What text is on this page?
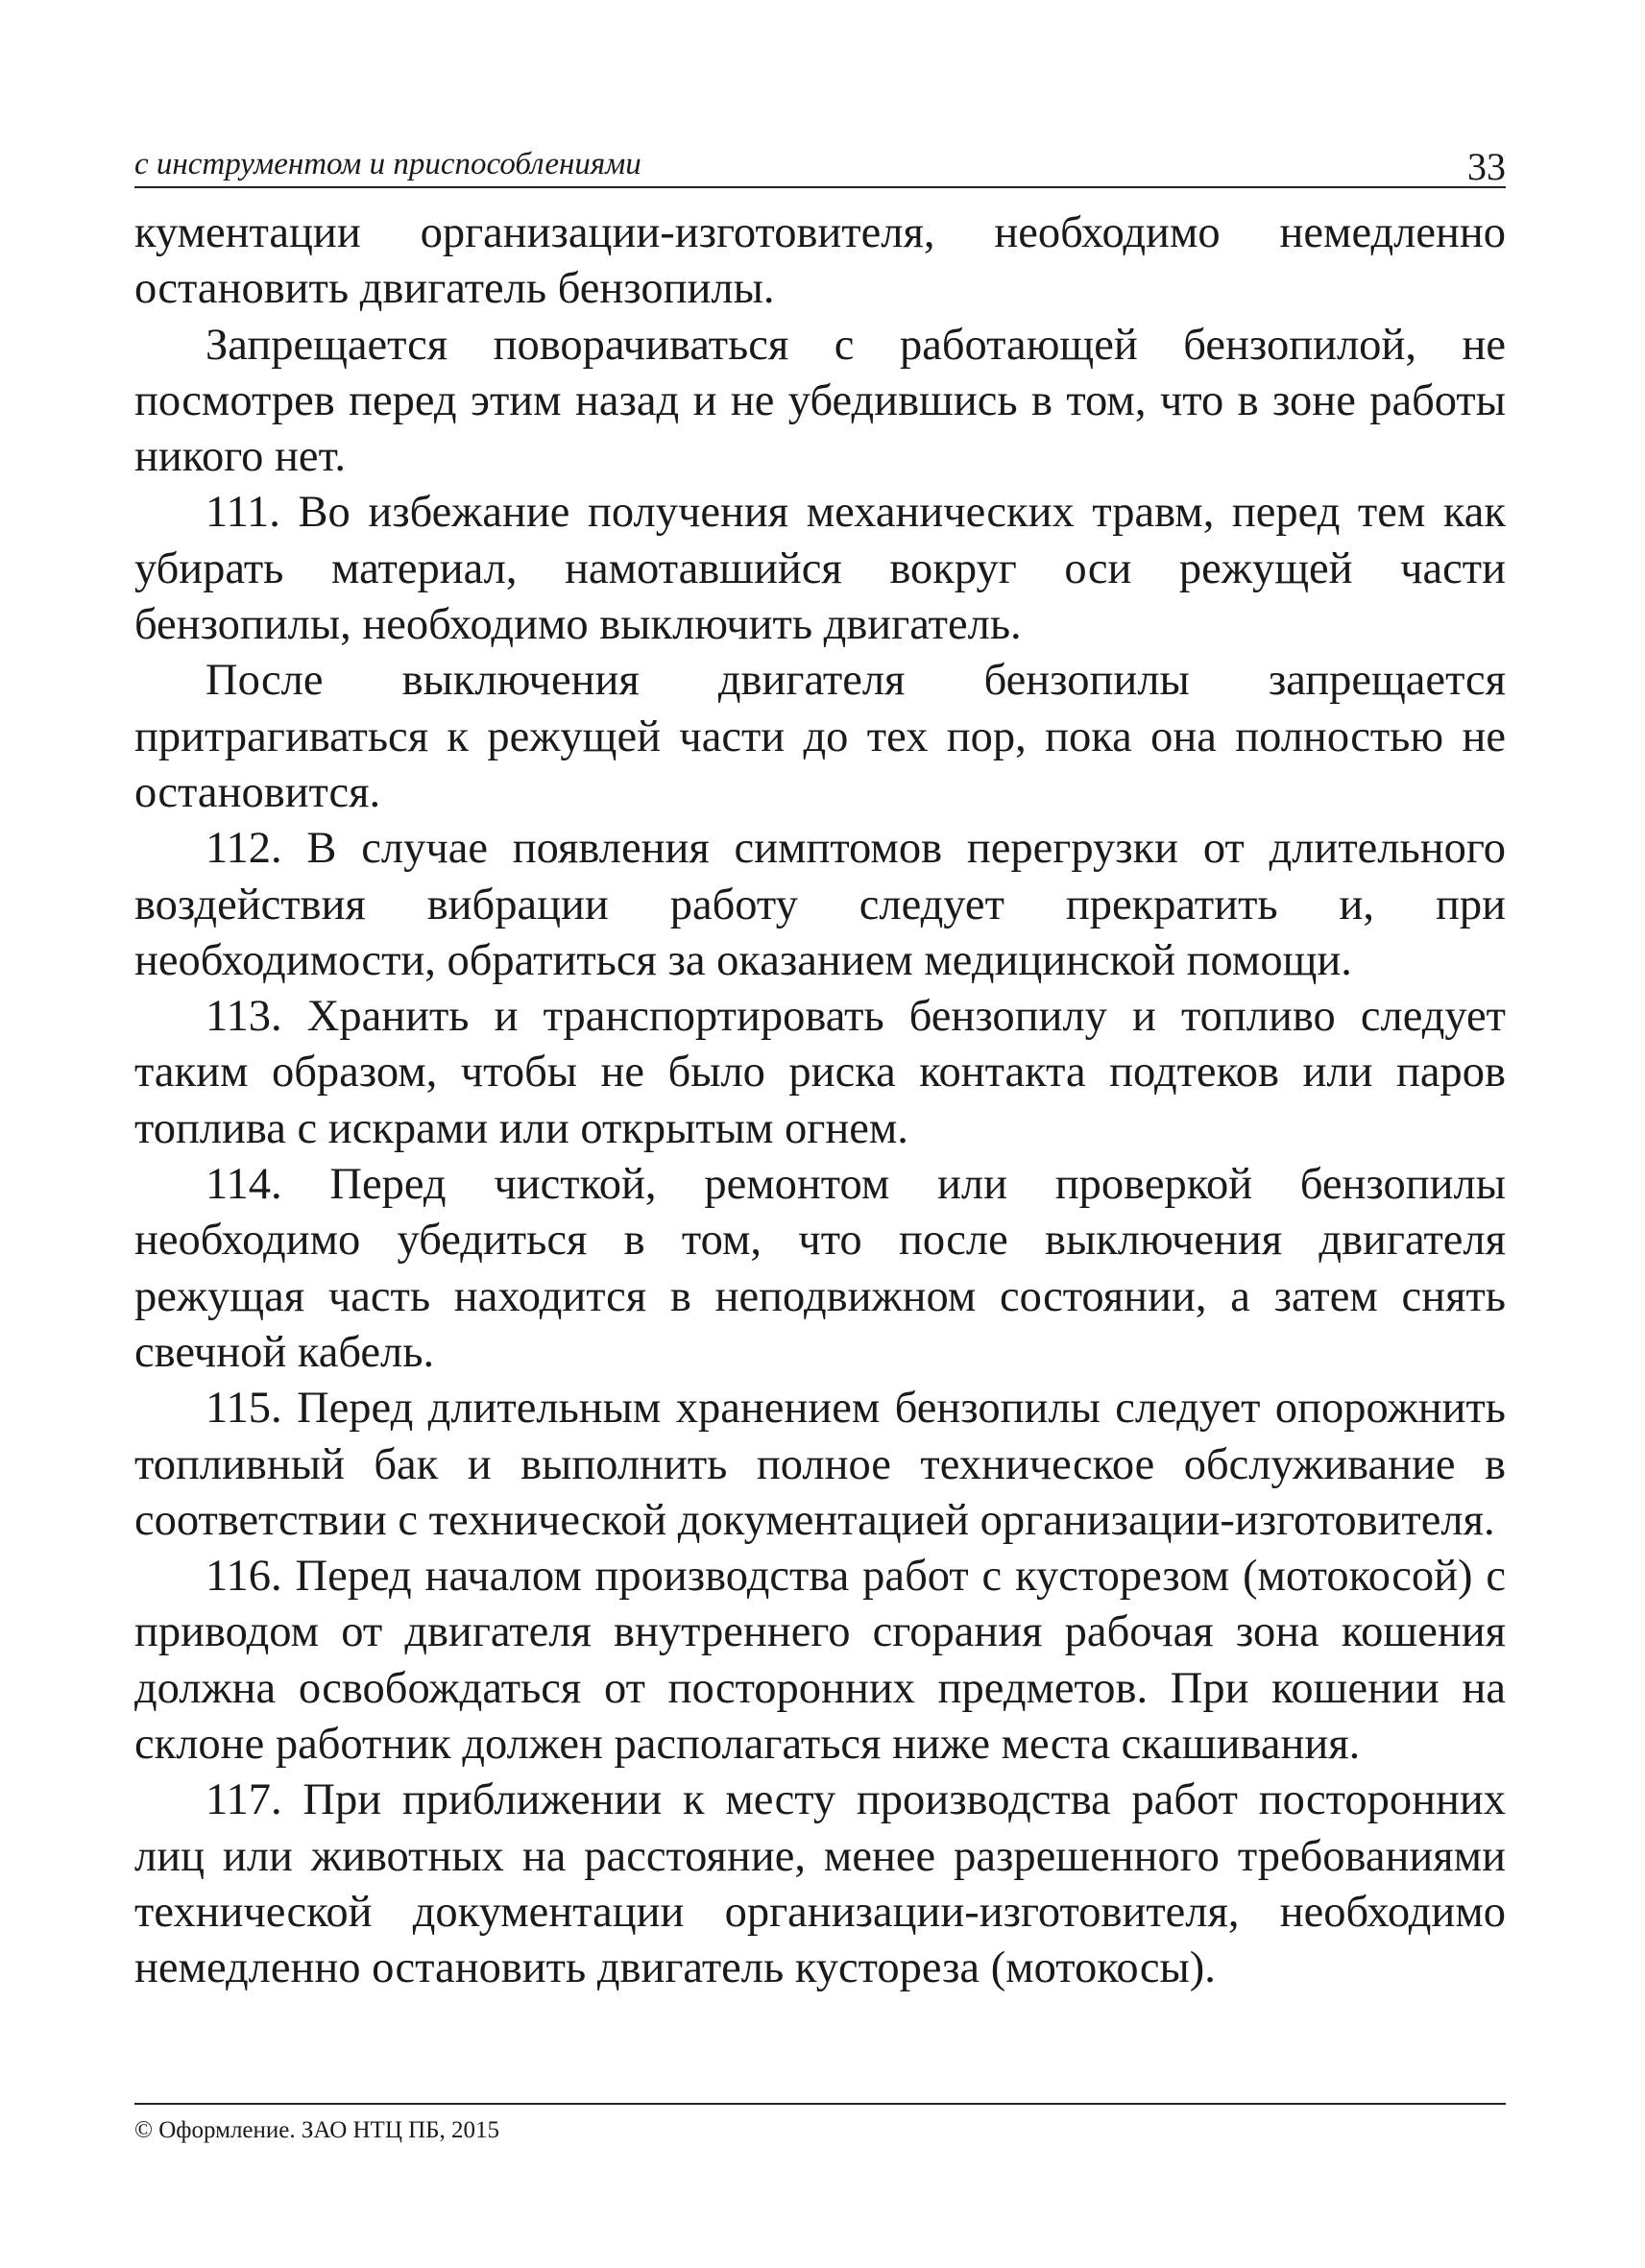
с инструментом и приспособлениями	33

кументации организации-изготовителя, необходимо немедленно остановить двигатель бензопилы.

Запрещается поворачиваться с работающей бензопилой, не посмотрев перед этим назад и не убедившись в том, что в зоне работы никого нет.

111. Во избежание получения механических травм, перед тем как убирать материал, намотавшийся вокруг оси режущей части бензопилы, необходимо выключить двигатель.

После выключения двигателя бензопилы запрещается притрагиваться к режущей части до тех пор, пока она полностью не остановится.

112. В случае появления симптомов перегрузки от длительного воздействия вибрации работу следует прекратить и, при необходимости, обратиться за оказанием медицинской помощи.

113. Хранить и транспортировать бензопилу и топливо следует таким образом, чтобы не было риска контакта подтеков или паров топлива с искрами или открытым огнем.

114. Перед чисткой, ремонтом или проверкой бензопилы необходимо убедиться в том, что после выключения двигателя режущая часть находится в неподвижном состоянии, а затем снять свечной кабель.

115. Перед длительным хранением бензопилы следует опорожнить топливный бак и выполнить полное техническое обслуживание в соответствии с технической документацией организации-изготовителя.

116. Перед началом производства работ с кусторезом (мотокосой) с приводом от двигателя внутреннего сгорания рабочая зона кошения должна освобождаться от посторонних предметов. При кошении на склоне работник должен располагаться ниже места скашивания.

117. При приближении к месту производства работ посторонних лиц или животных на расстояние, менее разрешенного требованиями технической документации организации-изготовителя, необходимо немедленно остановить двигатель кустореза (мотокосы).

© Оформление. ЗАО НТЦ ПБ, 2015
